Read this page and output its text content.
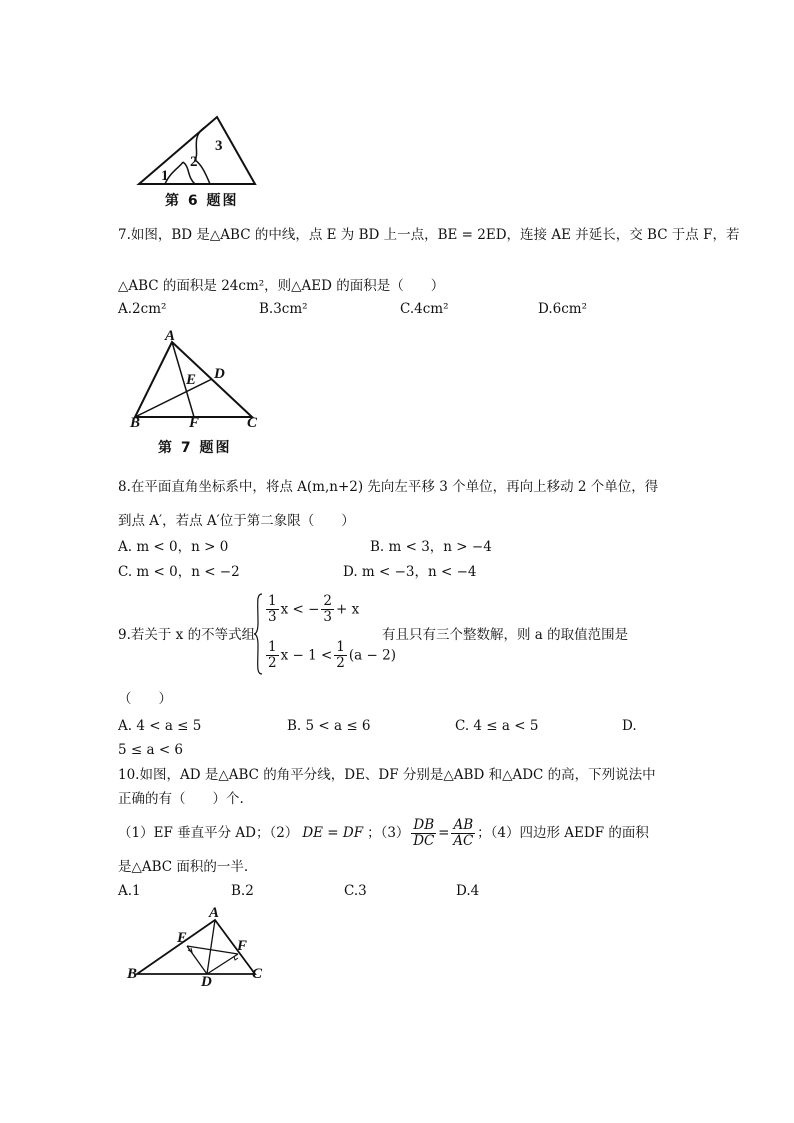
1
2
3
第 6 题图
7.如图，BD 是△ABC 的中线，点 E 为 BD 上一点，BE = 2ED，连接 AE 并延长，交 BC 于点 F，若
△ABC 的面积是 24cm²，则△AED 的面积是（　　）
A.2cm²	B.3cm²	C.4cm²	D.6cm²
A
B	C
D
E
F
第 7 题图
8.在平面直角坐标系中，将点 A(m,n+2) 先向左平移 3 个单位，再向上移动 2 个单位，得
到点 A′，若点 A′位于第二象限（　　）
A. m < 0，n > 0	B. m < 3，n > −4
C. m < 0，n < −2	D. m < −3，n < −4
9.若关于 x 的不等式组
$\frac{1}{3}$ x < − $\frac{2}{3} + x$
$\frac{1}{2}$ $x - 1 < \frac{1}{2} (a - 2)$
有且只有三个整数解，则 a 的取值范围是
（　　）
A. 4 < a ≤ 5	B. 5 < a ≤ 6	C. 4 ≤ a < 5	D.
5 ≤ a < 6
10.如图，AD 是△ABC 的角平分线，DE、DF 分别是△ABD 和△ADC 的高，下列说法中
正确的有（　　）个.
（1）EF 垂直平分 AD；（2） DE = DF ；$(3) \frac{DB}{DC} = \frac{AB}{AC}$ ；（4）四边形 AEDF 的面积
是△ABC 面积的一半.
A.1	B.2	C.3	D.4
A
B	C
D
E	F
